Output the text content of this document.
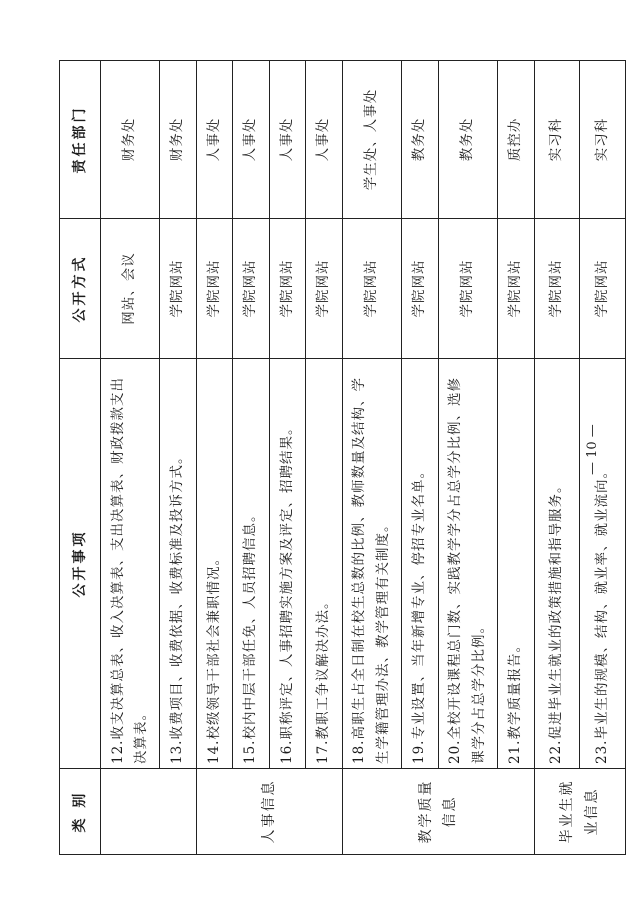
类 别	公开事项	公开方式	责任部门
	12.收支决算总表、收入决算表、支出决算表、财政拨款支出决算表。	网站、会议	财务处
	13.收费项目、收费依据、收费标准及投诉方式。	学院网站	财务处
人事信息	14.校级领导干部社会兼职情况。	学院网站	人事处
	15.校内中层干部任免、人员招聘信息。	学院网站	人事处
	16.职称评定、人事招聘实施方案及评定、招聘结果。	学院网站	人事处
	17.教职工争议解决办法。	学院网站	人事处
教学质量信息	18.高职生占全日制在校生总数的比例、教师数量及结构、学生学籍管理办法、教学管理有关制度。	学院网站	学生处、人事处
	19.专业设置、当年新增专业、停招专业名单。	学院网站	教务处
	20.全校开设课程总门数、实践教学学分占总学分比例、选修课学分占总学分比例。	学院网站	教务处
	21.教学质量报告。	学院网站	质控办
毕业生就业信息	22.促进毕业生就业的政策措施和指导服务。	学院网站	实习科
	23.毕业生的规模、结构、就业率、就业流向。	学院网站	实习科
— 10 —
